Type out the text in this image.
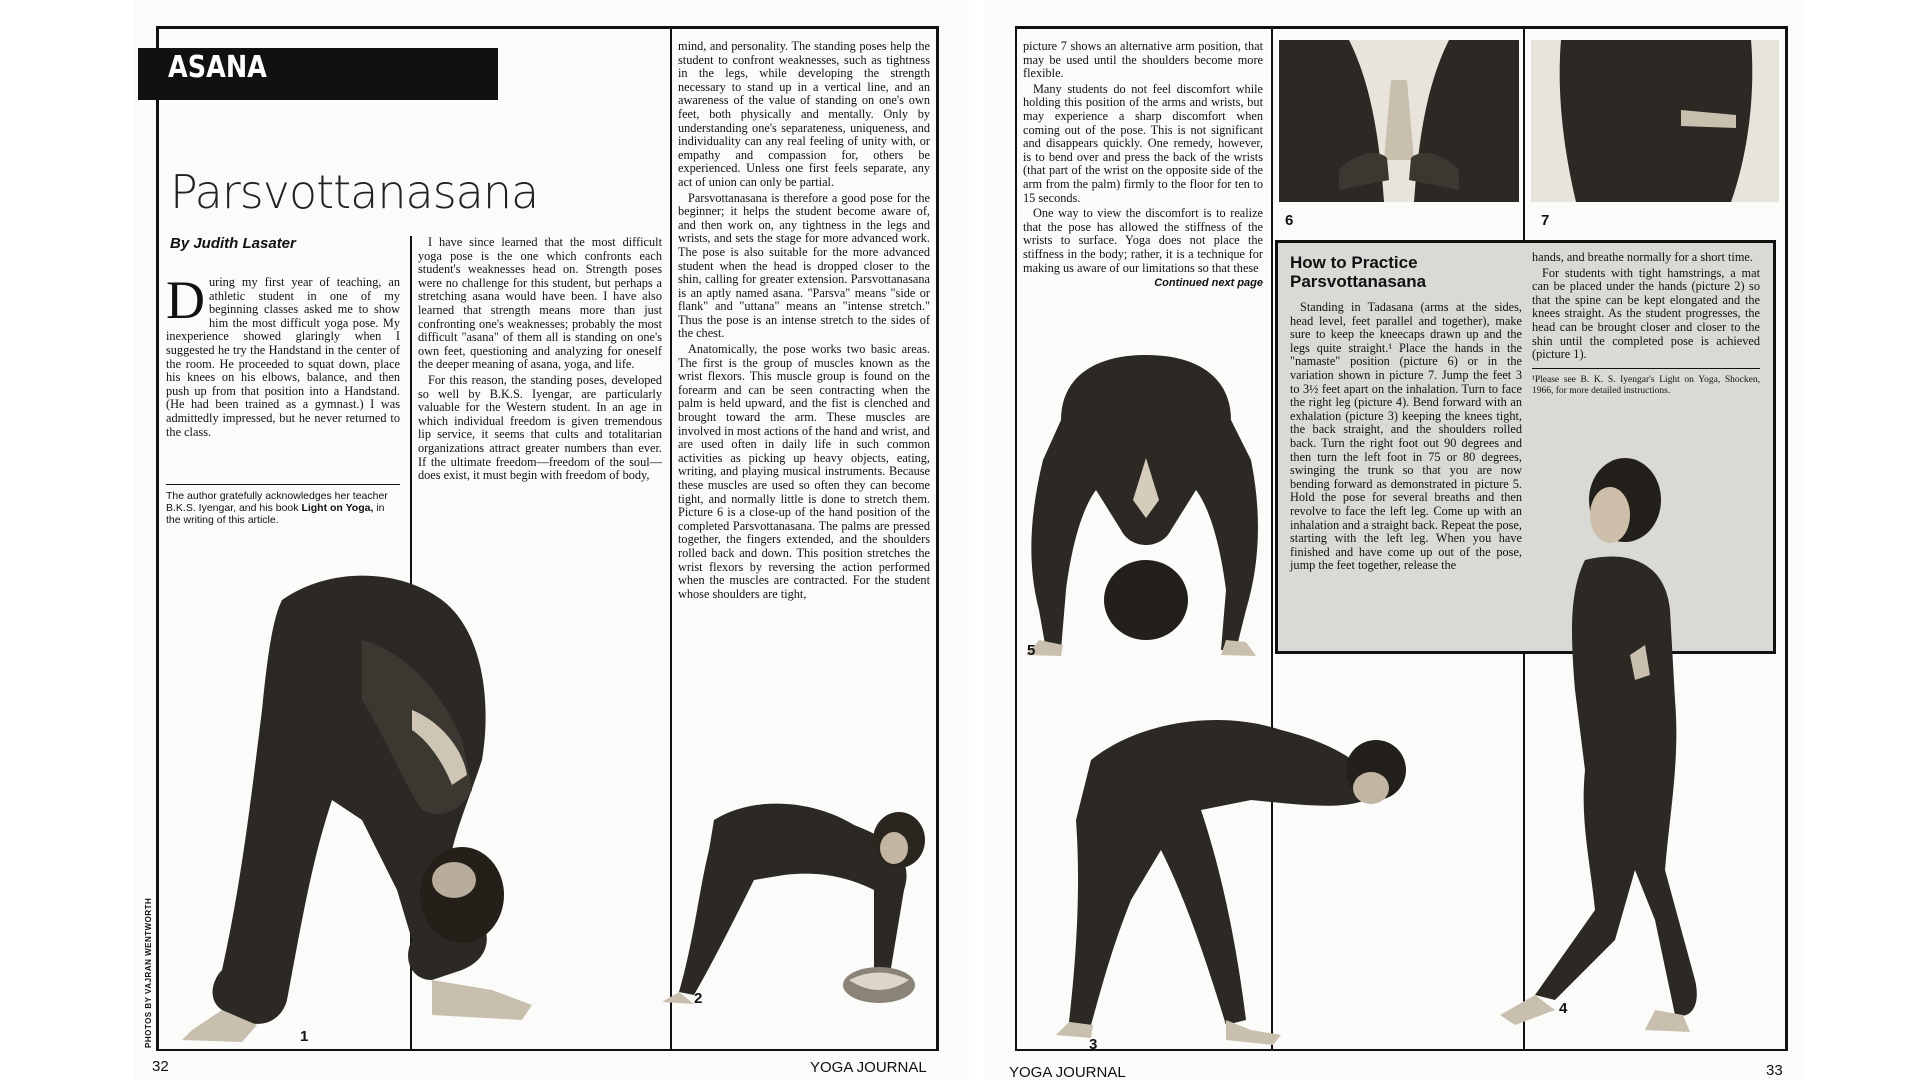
ASANA
Parsvottanasana
By Judith Lasater

During my first year of teaching, an athletic student in one of my beginning classes asked me to show him the most difficult yoga pose. My inexperience showed glaringly when I suggested he try the Handstand in the center of the room. He proceeded to squat down, place his knees on his elbows, balance, and then push up from that position into a Handstand. (He had been trained as a gymnast.) I was admittedly impressed, but he never returned to the class.

The author gratefully acknowledges her teacher B.K.S. Iyengar, and his book Light on Yoga, in the writing of this article.

I have since learned that the most difficult yoga pose is the one which confronts each student's weaknesses head on. Strength poses were no challenge for this student, but perhaps a stretching asana would have been. I have also learned that strength means more than just confronting one's weaknesses; probably the most difficult "asana" of them all is standing on one's own feet, questioning and analyzing for oneself the deeper meaning of asana, yoga, and life.

For this reason, the standing poses, developed so well by B.K.S. Iyengar, are particularly valuable for the Western student. In an age in which individual freedom is given tremendous lip service, it seems that cults and totalitarian organizations attract greater numbers than ever. If the ultimate freedom—freedom of the soul—does exist, it must begin with freedom of body,

mind, and personality. The standing poses help the student to confront weaknesses, such as tightness in the legs, while developing the strength necessary to stand up in a vertical line, and an awareness of the value of standing on one's own feet, both physically and mentally. Only by understanding one's separateness, uniqueness, and individuality can any real feeling of unity with, or empathy and compassion for, others be experienced. Unless one first feels separate, any act of union can only be partial.

Parsvottanasana is therefore a good pose for the beginner; it helps the student become aware of, and then work on, any tightness in the legs and wrists, and sets the stage for more advanced work. The pose is also suitable for the more advanced student when the head is dropped closer to the shin, calling for greater extension. Parsvottanasana is an aptly named asana. "Parsva" means "side or flank" and "uttana" means an "intense stretch." Thus the pose is an intense stretch to the sides of the chest.

Anatomically, the pose works two basic areas. The first is the group of muscles known as the wrist flexors. This muscle group is found on the forearm and can be seen contracting when the palm is held upward, and the fist is clenched and brought toward the arm. These muscles are involved in most actions of the hand and wrist, and are used often in daily life in such common activities as picking up heavy objects, eating, writing, and playing musical instruments. Because these muscles are used so often they can become tight, and normally little is done to stretch them. Picture 6 is a close-up of the hand position of the completed Parsvottanasana. The palms are pressed together, the fingers extended, and the shoulders rolled back and down. This position stretches the wrist flexors by reversing the action performed when the muscles are contracted. For the student whose shoulders are tight,

1
2
PHOTOS BY VAJRAN WENTWORTH
32	YOGA JOURNAL

picture 7 shows an alternative arm position, that may be used until the shoulders become more flexible.

Many students do not feel discomfort while holding this position of the arms and wrists, but may experience a sharp discomfort when coming out of the pose. This is not significant and disappears quickly. One remedy, however, is to bend over and press the back of the wrists (that part of the wrist on the opposite side of the arm from the palm) firmly to the floor for ten to 15 seconds.

One way to view the discomfort is to realize that the pose has allowed the stiffness of the wrists to surface. Yoga does not place the stiffness in the body; rather, it is a technique for making us aware of our limitations so that these

Continued next page
6	7
How to Practice Parsvottanasana

Standing in Tadasana (arms at the sides, head level, feet parallel and together), make sure to keep the kneecaps drawn up and the legs quite straight.¹ Place the hands in the "namaste" position (picture 6) or in the variation shown in picture 7. Jump the feet 3 to 3½ feet apart on the inhalation. Turn to face the right leg (picture 4). Bend forward with an exhalation (picture 3) keeping the knees tight, the back straight, and the shoulders rolled back. Turn the right foot out 90 degrees and then turn the left foot in 75 or 80 degrees, swinging the trunk so that you are now bending forward as demonstrated in picture 5. Hold the pose for several breaths and then revolve to face the left leg. Come up with an inhalation and a straight back. Repeat the pose, starting with the left leg. When you have finished and have come up out of the pose, jump the feet together, release the

hands, and breathe normally for a short time.

For students with tight hamstrings, a mat can be placed under the hands (picture 2) so that the spine can be kept elongated and the knees straight. As the student progresses, the head can be brought closer and closer to the shin until the completed pose is achieved (picture 1).

¹Please see B. K. S. Iyengar's Light on Yoga, Shocken, 1966, for more detailed instructions.
5
3
4
YOGA JOURNAL	33
